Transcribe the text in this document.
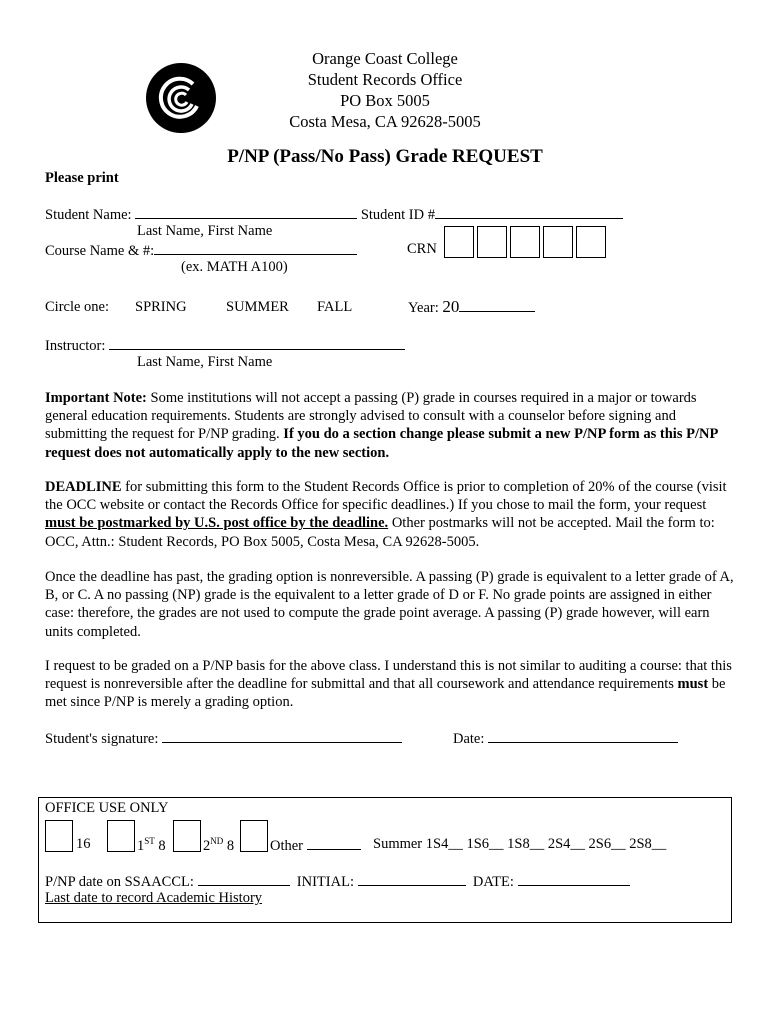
Orange Coast College
Student Records Office
PO Box 5005
Costa Mesa, CA 92628-5005
P/NP (Pass/No Pass) Grade REQUEST
Please print
Student Name:	Student ID #
Last Name, First Name
Course Name & #:	CRN
(ex. MATH A100)
Circle one: SPRING	SUMMER FALL	Year: 20
Instructor:
Last Name, First Name

Important Note: Some institutions will not accept a passing (P) grade in courses required in a major or towards general education requirements. Students are strongly advised to consult with a counselor before signing and submitting the request for P/NP grading. If you do a section change please submit a new P/NP form as this P/NP request does not automatically apply to the new section.

DEADLINE for submitting this form to the Student Records Office is prior to completion of 20% of the course (visit the OCC website or contact the Records Office for specific deadlines.) If you chose to mail the form, your request must be postmarked by U.S. post office by the deadline. Other postmarks will not be accepted. Mail the form to: OCC, Attn.: Student Records, PO Box 5005, Costa Mesa, CA 92628-5005.

Once the deadline has past, the grading option is nonreversible. A passing (P) grade is equivalent to a letter grade of A, B, or C. A no passing (NP) grade is the equivalent to a letter grade of D or F. No grade points are assigned in either case: therefore, the grades are not used to compute the grade point average. A passing (P) grade however, will earn units completed.

I request to be graded on a P/NP basis for the above class. I understand this is not similar to auditing a course: that this request is nonreversible after the deadline for submittal and that all coursework and attendance requirements must be met since P/NP is merely a grading option.

Student's signature:	Date:
OFFICE USE ONLY
16	1ST 8	2ND 8 Other	Summer 1S4__ 1S6__ 1S8__ 2S4__ 2S6__ 2S8__
P/NP date on SSAACCL:	INITIAL:	DATE:
Last date to record Academic History
